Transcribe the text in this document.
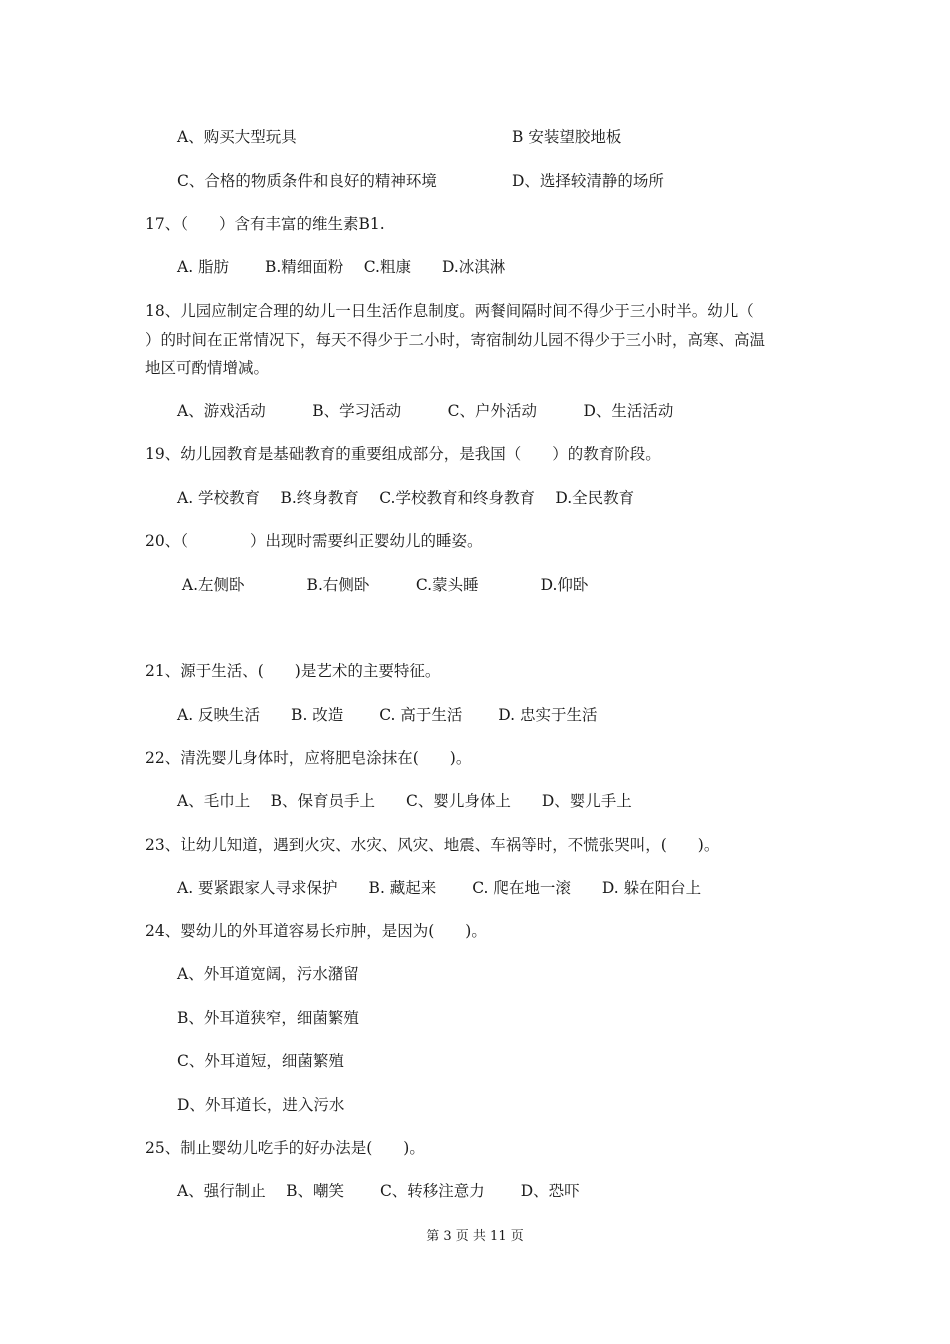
A、购买大型玩具	B 安装望胶地板
C、合格的物质条件和良好的精神环境	D、选择较清静的场所
17、（　　）含有丰富的维生素B1.
A. 脂肪　　 B.精细面粉　 C.粗康　　D.冰淇淋
18、儿园应制定合理的幼儿一日生活作息制度。两餐间隔时间不得少于三小时半。幼儿（
）的时间在正常情况下，每天不得少于二小时，寄宿制幼儿园不得少于三小时，高寒、高温
地区可酌情增减。
A、游戏活动　　　B、学习活动　　　C、户外活动　　　D、生活活动
19、幼儿园教育是基础教育的重要组成部分，是我国（　　）的教育阶段。
A. 学校教育　 B.终身教育　 C.学校教育和终身教育　 D.全民教育
20、（　　　　）出现时需要纠正婴幼儿的睡姿。
A.左侧卧　　　　B.右侧卧　　　C.蒙头睡　　　　D.仰卧
21、源于生活、(　　)是艺术的主要特征。
A. 反映生活　　B. 改造　　 C. 高于生活　　 D. 忠实于生活
22、清洗婴儿身体时，应将肥皂涂抹在(　　)。
A、毛巾上　 B、保育员手上　　C、婴儿身体上　　D、婴儿手上
23、让幼儿知道，遇到火灾、水灾、风灾、地震、车祸等时，不慌张哭叫，(　　)。
A. 要紧跟家人寻求保护　　B. 藏起来　　 C. 爬在地一滚　　D. 躲在阳台上
24、婴幼儿的外耳道容易长疖肿，是因为(　　)。
A、外耳道宽阔，污水潴留
B、外耳道狭窄，细菌繁殖
C、外耳道短，细菌繁殖
D、外耳道长，进入污水
25、制止婴幼儿吃手的好办法是(　　)。
A、强行制止　 B、嘲笑　　 C、转移注意力　　 D、恐吓
第 3 页 共 11 页
